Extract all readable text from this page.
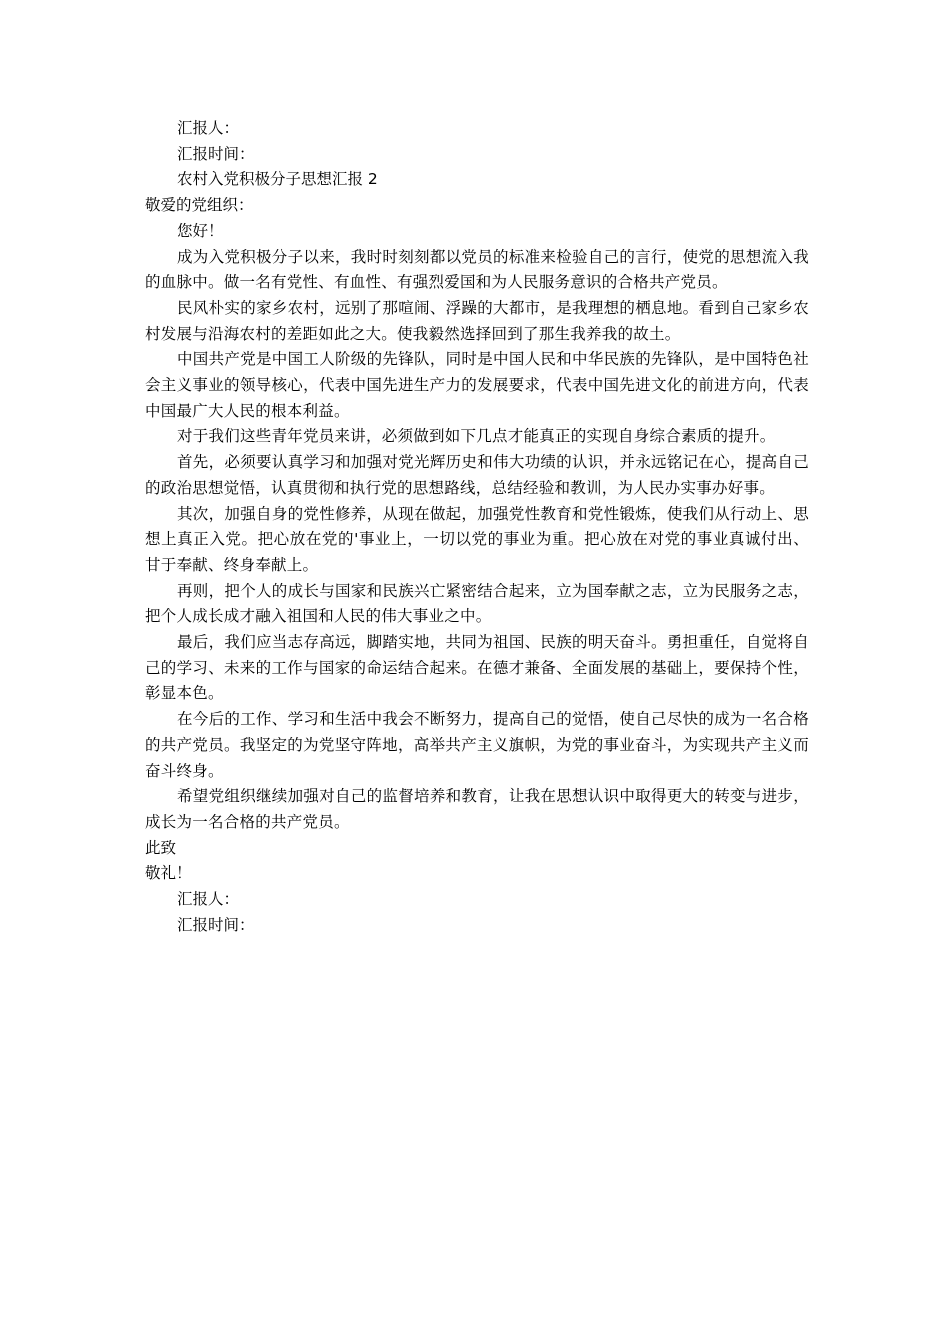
汇报人：

汇报时间：

农村入党积极分子思想汇报 2

敬爱的党组织：

您好！

成为入党积极分子以来，我时时刻刻都以党员的标准来检验自己的言行，使党的思想流入我的血脉中。做一名有党性、有血性、有强烈爱国和为人民服务意识的合格共产党员。

民风朴实的家乡农村，远别了那喧闹、浮躁的大都市，是我理想的栖息地。看到自己家乡农村发展与沿海农村的差距如此之大。使我毅然选择回到了那生我养我的故土。

中国共产党是中国工人阶级的先锋队，同时是中国人民和中华民族的先锋队，是中国特色社会主义事业的领导核心，代表中国先进生产力的发展要求，代表中国先进文化的前进方向，代表中国最广大人民的根本利益。

对于我们这些青年党员来讲，必须做到如下几点才能真正的实现自身综合素质的提升。

首先，必须要认真学习和加强对党光辉历史和伟大功绩的认识，并永远铭记在心，提高自己的政治思想觉悟，认真贯彻和执行党的思想路线，总结经验和教训，为人民办实事办好事。

其次，加强自身的党性修养，从现在做起，加强党性教育和党性锻炼，使我们从行动上、思想上真正入党。把心放在党的'事业上，一切以党的事业为重。把心放在对党的事业真诚付出、甘于奉献、终身奉献上。

再则，把个人的成长与国家和民族兴亡紧密结合起来，立为国奉献之志，立为民服务之志，把个人成长成才融入祖国和人民的伟大事业之中。

最后，我们应当志存高远，脚踏实地，共同为祖国、民族的明天奋斗。勇担重任，自觉将自己的学习、未来的工作与国家的命运结合起来。在德才兼备、全面发展的基础上，要保持个性，彰显本色。

在今后的工作、学习和生活中我会不断努力，提高自己的觉悟，使自己尽快的成为一名合格的共产党员。我坚定的为党坚守阵地，高举共产主义旗帜，为党的事业奋斗，为实现共产主义而奋斗终身。

希望党组织继续加强对自己的监督培养和教育，让我在思想认识中取得更大的转变与进步，成长为一名合格的共产党员。

此致

敬礼！

汇报人：

汇报时间：
